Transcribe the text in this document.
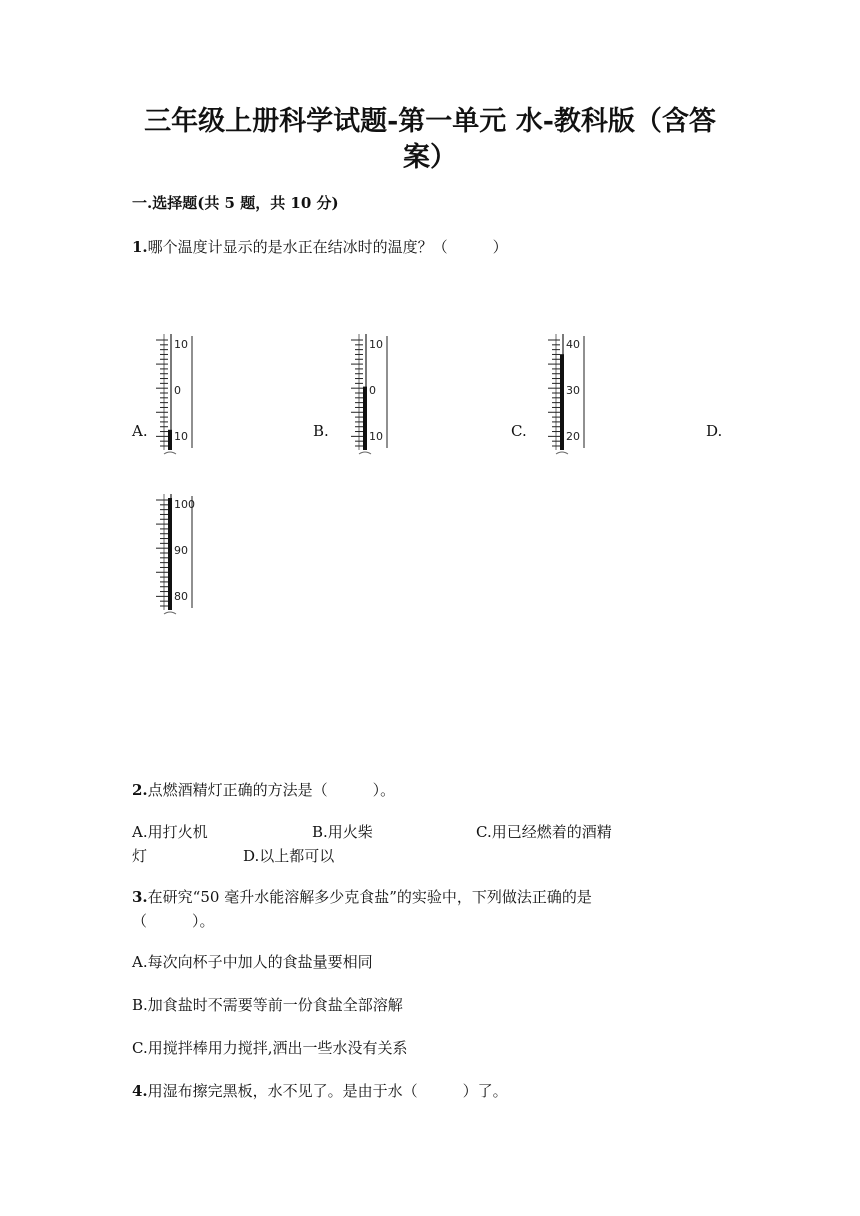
三年级上册科学试题-第一单元 水-教科版（含答
案）
一.选择题(共 5 题，共 10 分)
1.哪个温度计显示的是水正在结冰时的温度？（　　　）
A.	B.	C.	D.
10
0
10
10
0
10
40
30
20
100
90
80
2.点燃酒精灯正确的方法是（　　　）。
A.用打火机	B.用火柴	C.用已经燃着的酒精
灯	D.以上都可以
3.在研究“50 毫升水能溶解多少克食盐”的实验中，下列做法正确的是
（　　　）。
A.每次向杯子中加人的食盐量要相同
B.加食盐时不需要等前一份食盐全部溶解
C.用搅拌棒用力搅拌,洒出一些水没有关系
4.用湿布擦完黑板，水不见了。是由于水（　　　）了。
